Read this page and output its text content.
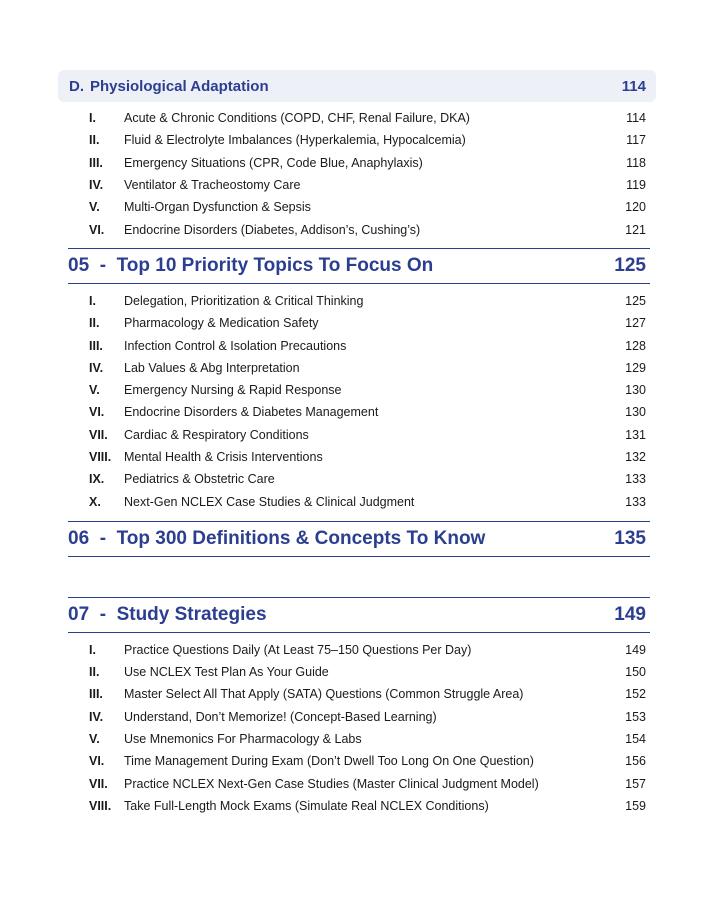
D. Physiological Adaptation	114
I.	Acute & Chronic Conditions (COPD, CHF, Renal Failure, DKA)	114
II.	Fluid & Electrolyte Imbalances (Hyperkalemia, Hypocalcemia)	117
III.	Emergency Situations (CPR, Code Blue, Anaphylaxis)	118
IV.	Ventilator & Tracheostomy Care	119
V.	Multi-Organ Dysfunction & Sepsis	120
VI.	Endocrine Disorders (Diabetes, Addison’s, Cushing’s)	121
05  -  Top 10 Priority Topics To Focus On	125
I.	Delegation, Prioritization & Critical Thinking	125
II.	Pharmacology & Medication Safety	127
III.	Infection Control & Isolation Precautions	128
IV.	Lab Values & Abg Interpretation	129
V.	Emergency Nursing & Rapid Response	130
VI.	Endocrine Disorders & Diabetes Management	130
VII.	Cardiac & Respiratory Conditions	131
VIII.	Mental Health & Crisis Interventions	132
IX.	Pediatrics & Obstetric Care	133
X.	Next-Gen NCLEX Case Studies & Clinical Judgment	133
06  -  Top 300 Definitions & Concepts To Know	135
07  -  Study Strategies	149
I.	Practice Questions Daily (At Least 75–150 Questions Per Day)	149
II.	Use NCLEX Test Plan As Your Guide	150
III.	Master Select All That Apply (SATA) Questions (Common Struggle Area)	152
IV.	Understand, Don’t Memorize! (Concept-Based Learning)	153
V.	Use Mnemonics For Pharmacology & Labs	154
VI.	Time Management During Exam (Don’t Dwell Too Long On One Question)	156
VII.	Practice NCLEX Next-Gen Case Studies (Master Clinical Judgment Model)	157
VIII.	Take Full-Length Mock Exams (Simulate Real NCLEX Conditions)	159
